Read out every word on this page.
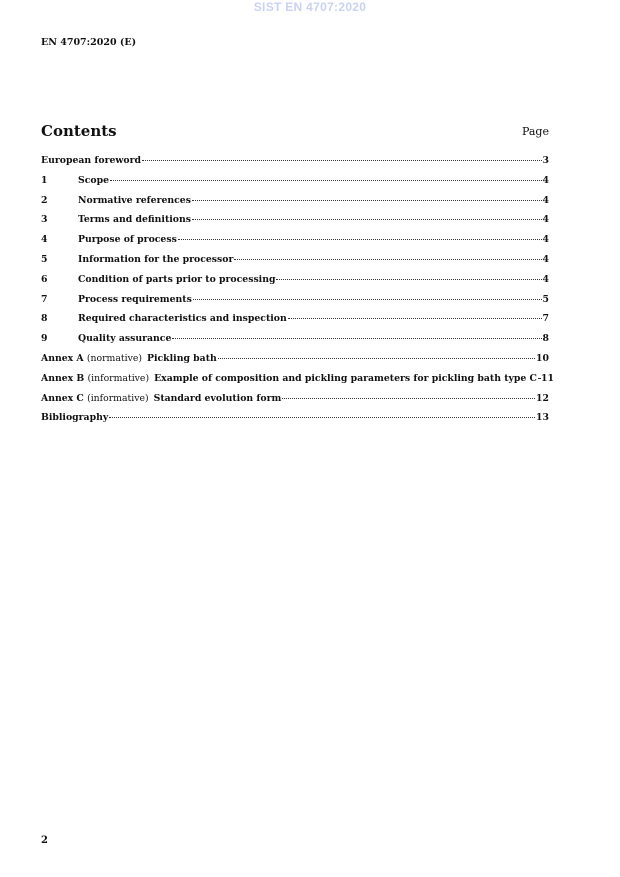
SIST EN 4707:2020
EN 4707:2020 (E)
Contents	Page
European foreword	3
1	Scope	4
2	Normative references	4
3	Terms and definitions	4
4	Purpose of process	4
5	Information for the processor	4
6	Condition of parts prior to processing	4
7	Process requirements	5
8	Required characteristics and inspection	7
9	Quality assurance	8
Annex A (normative) Pickling bath	10
Annex B (informative) Example of composition and pickling parameters for pickling bath type C 11
Annex C (informative) Standard evolution form	12
Bibliography	13
2
